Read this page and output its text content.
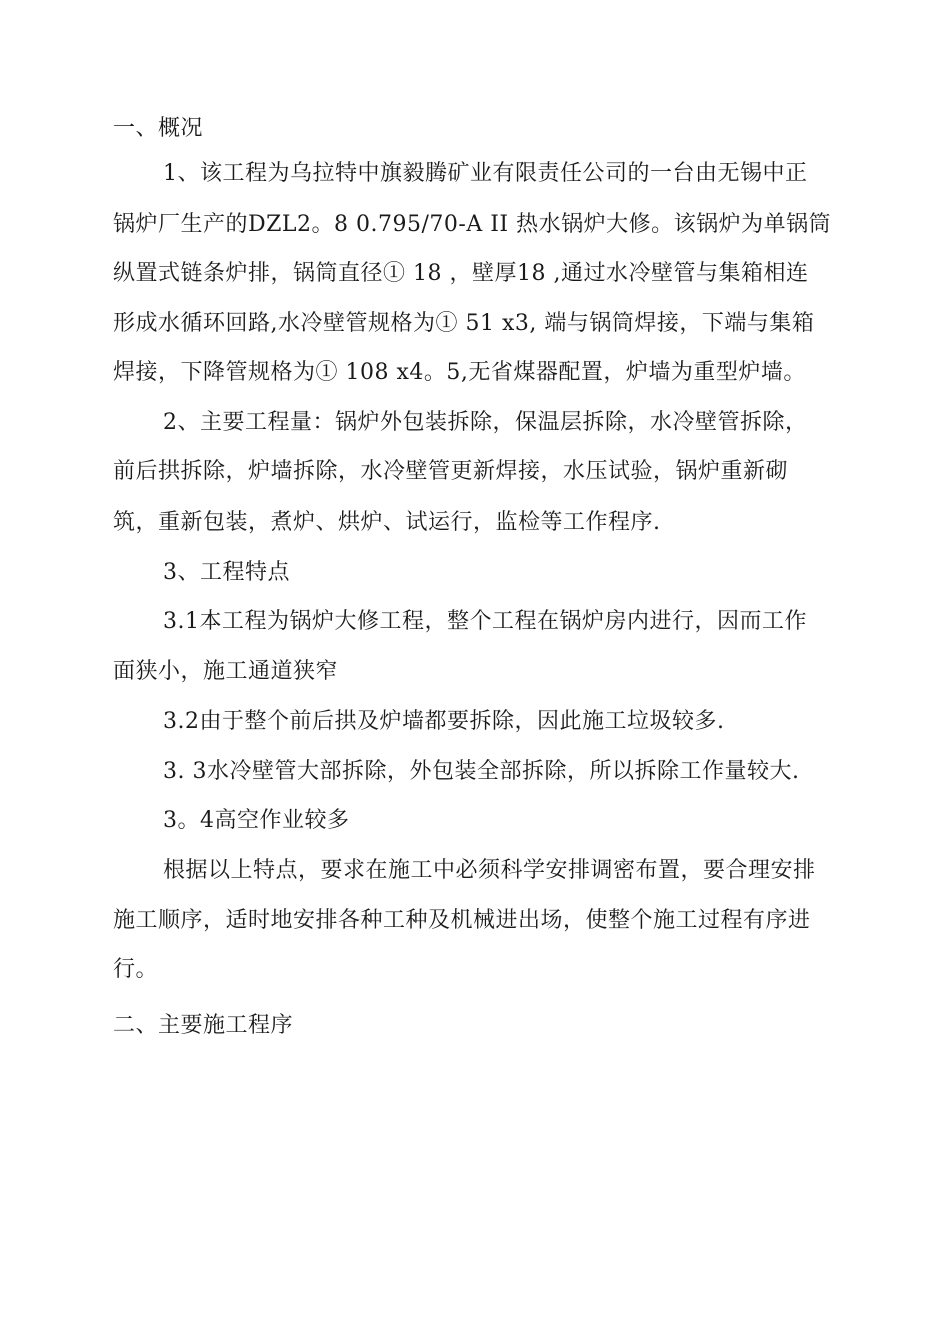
一、概况
1、该工程为乌拉特中旗毅腾矿业有限责任公司的一台由无锡中正
锅炉厂生产的DZL2。8 0.795/70-A II 热水锅炉大修。该锅炉为单锅筒
纵置式链条炉排，锅筒直径① 18 ，壁厚18 ,通过水冷壁管与集箱相连
形成水循环回路,水冷壁管规格为① 51 x3, 端与锅筒焊接，下端与集箱
焊接，下降管规格为① 108 x4。5,无省煤器配置，炉墙为重型炉墙。
2、主要工程量：锅炉外包装拆除，保温层拆除，水冷壁管拆除，
前后拱拆除，炉墙拆除，水冷壁管更新焊接，水压试验，锅炉重新砌
筑，重新包装，煮炉、烘炉、试运行，监检等工作程序.
3、工程特点
3.1本工程为锅炉大修工程，整个工程在锅炉房内进行，因而工作
面狭小，施工通道狭窄
3.2由于整个前后拱及炉墙都要拆除，因此施工垃圾较多.
3. 3水冷壁管大部拆除，外包装全部拆除，所以拆除工作量较大.
3。4高空作业较多
根据以上特点，要求在施工中必须科学安排调密布置，要合理安排
施工顺序，适时地安排各种工种及机械进出场，使整个施工过程有序进
行。
二、主要施工程序
